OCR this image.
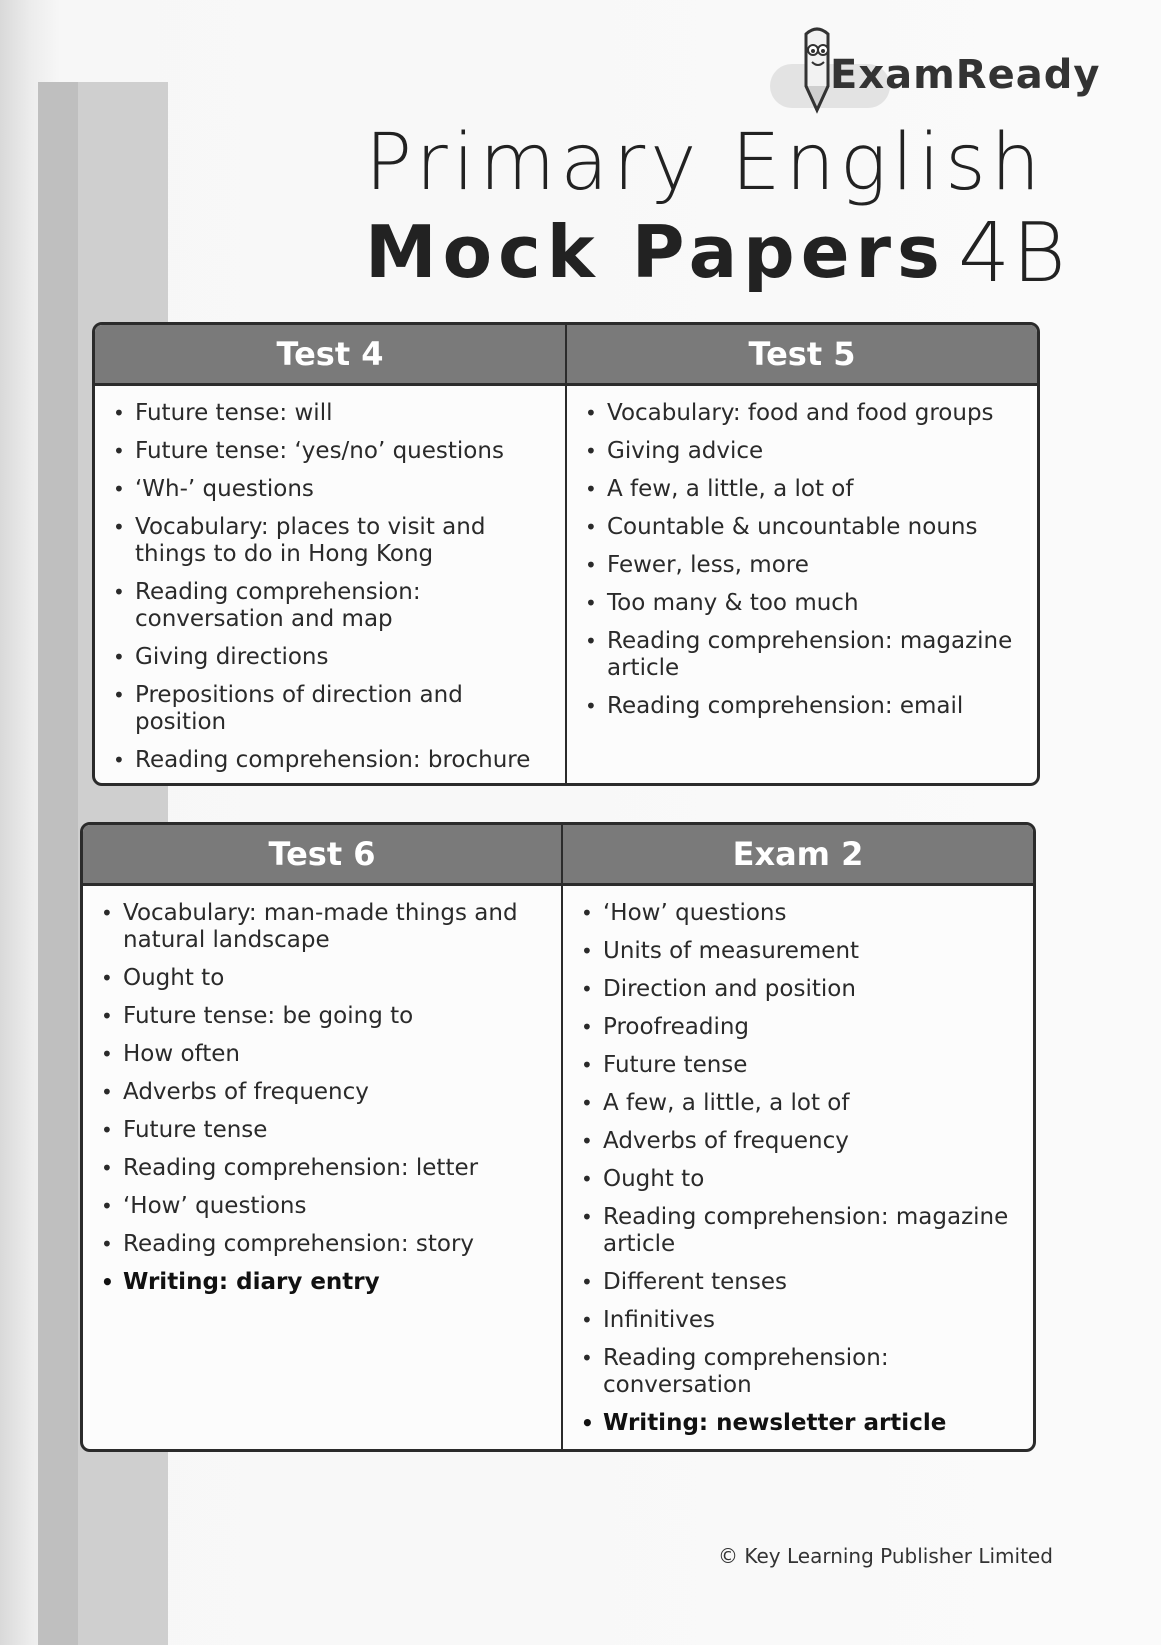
ExamReady
Primary English
Mock Papers 4B
Test 4
• Future tense: will
• Future tense: ‘yes/no’ questions
• ‘Wh-’ questions
• Vocabulary: places to visit and things to do in Hong Kong
• Reading comprehension: conversation and map
• Giving directions
• Prepositions of direction and position
• Reading comprehension: brochure
Test 5
• Vocabulary: food and food groups
• Giving advice
• A few, a little, a lot of
• Countable & uncountable nouns
• Fewer, less, more
• Too many & too much
• Reading comprehension: magazine article
• Reading comprehension: email
Test 6
• Vocabulary: man-made things and natural landscape
• Ought to
• Future tense: be going to
• How often
• Adverbs of frequency
• Future tense
• Reading comprehension: letter
• ‘How’ questions
• Reading comprehension: story
• Writing: diary entry
Exam 2
• ‘How’ questions
• Units of measurement
• Direction and position
• Proofreading
• Future tense
• A few, a little, a lot of
• Adverbs of frequency
• Ought to
• Reading comprehension: magazine article
• Different tenses
• Infinitives
• Reading comprehension: conversation
• Writing: newsletter article
© Key Learning Publisher Limited
